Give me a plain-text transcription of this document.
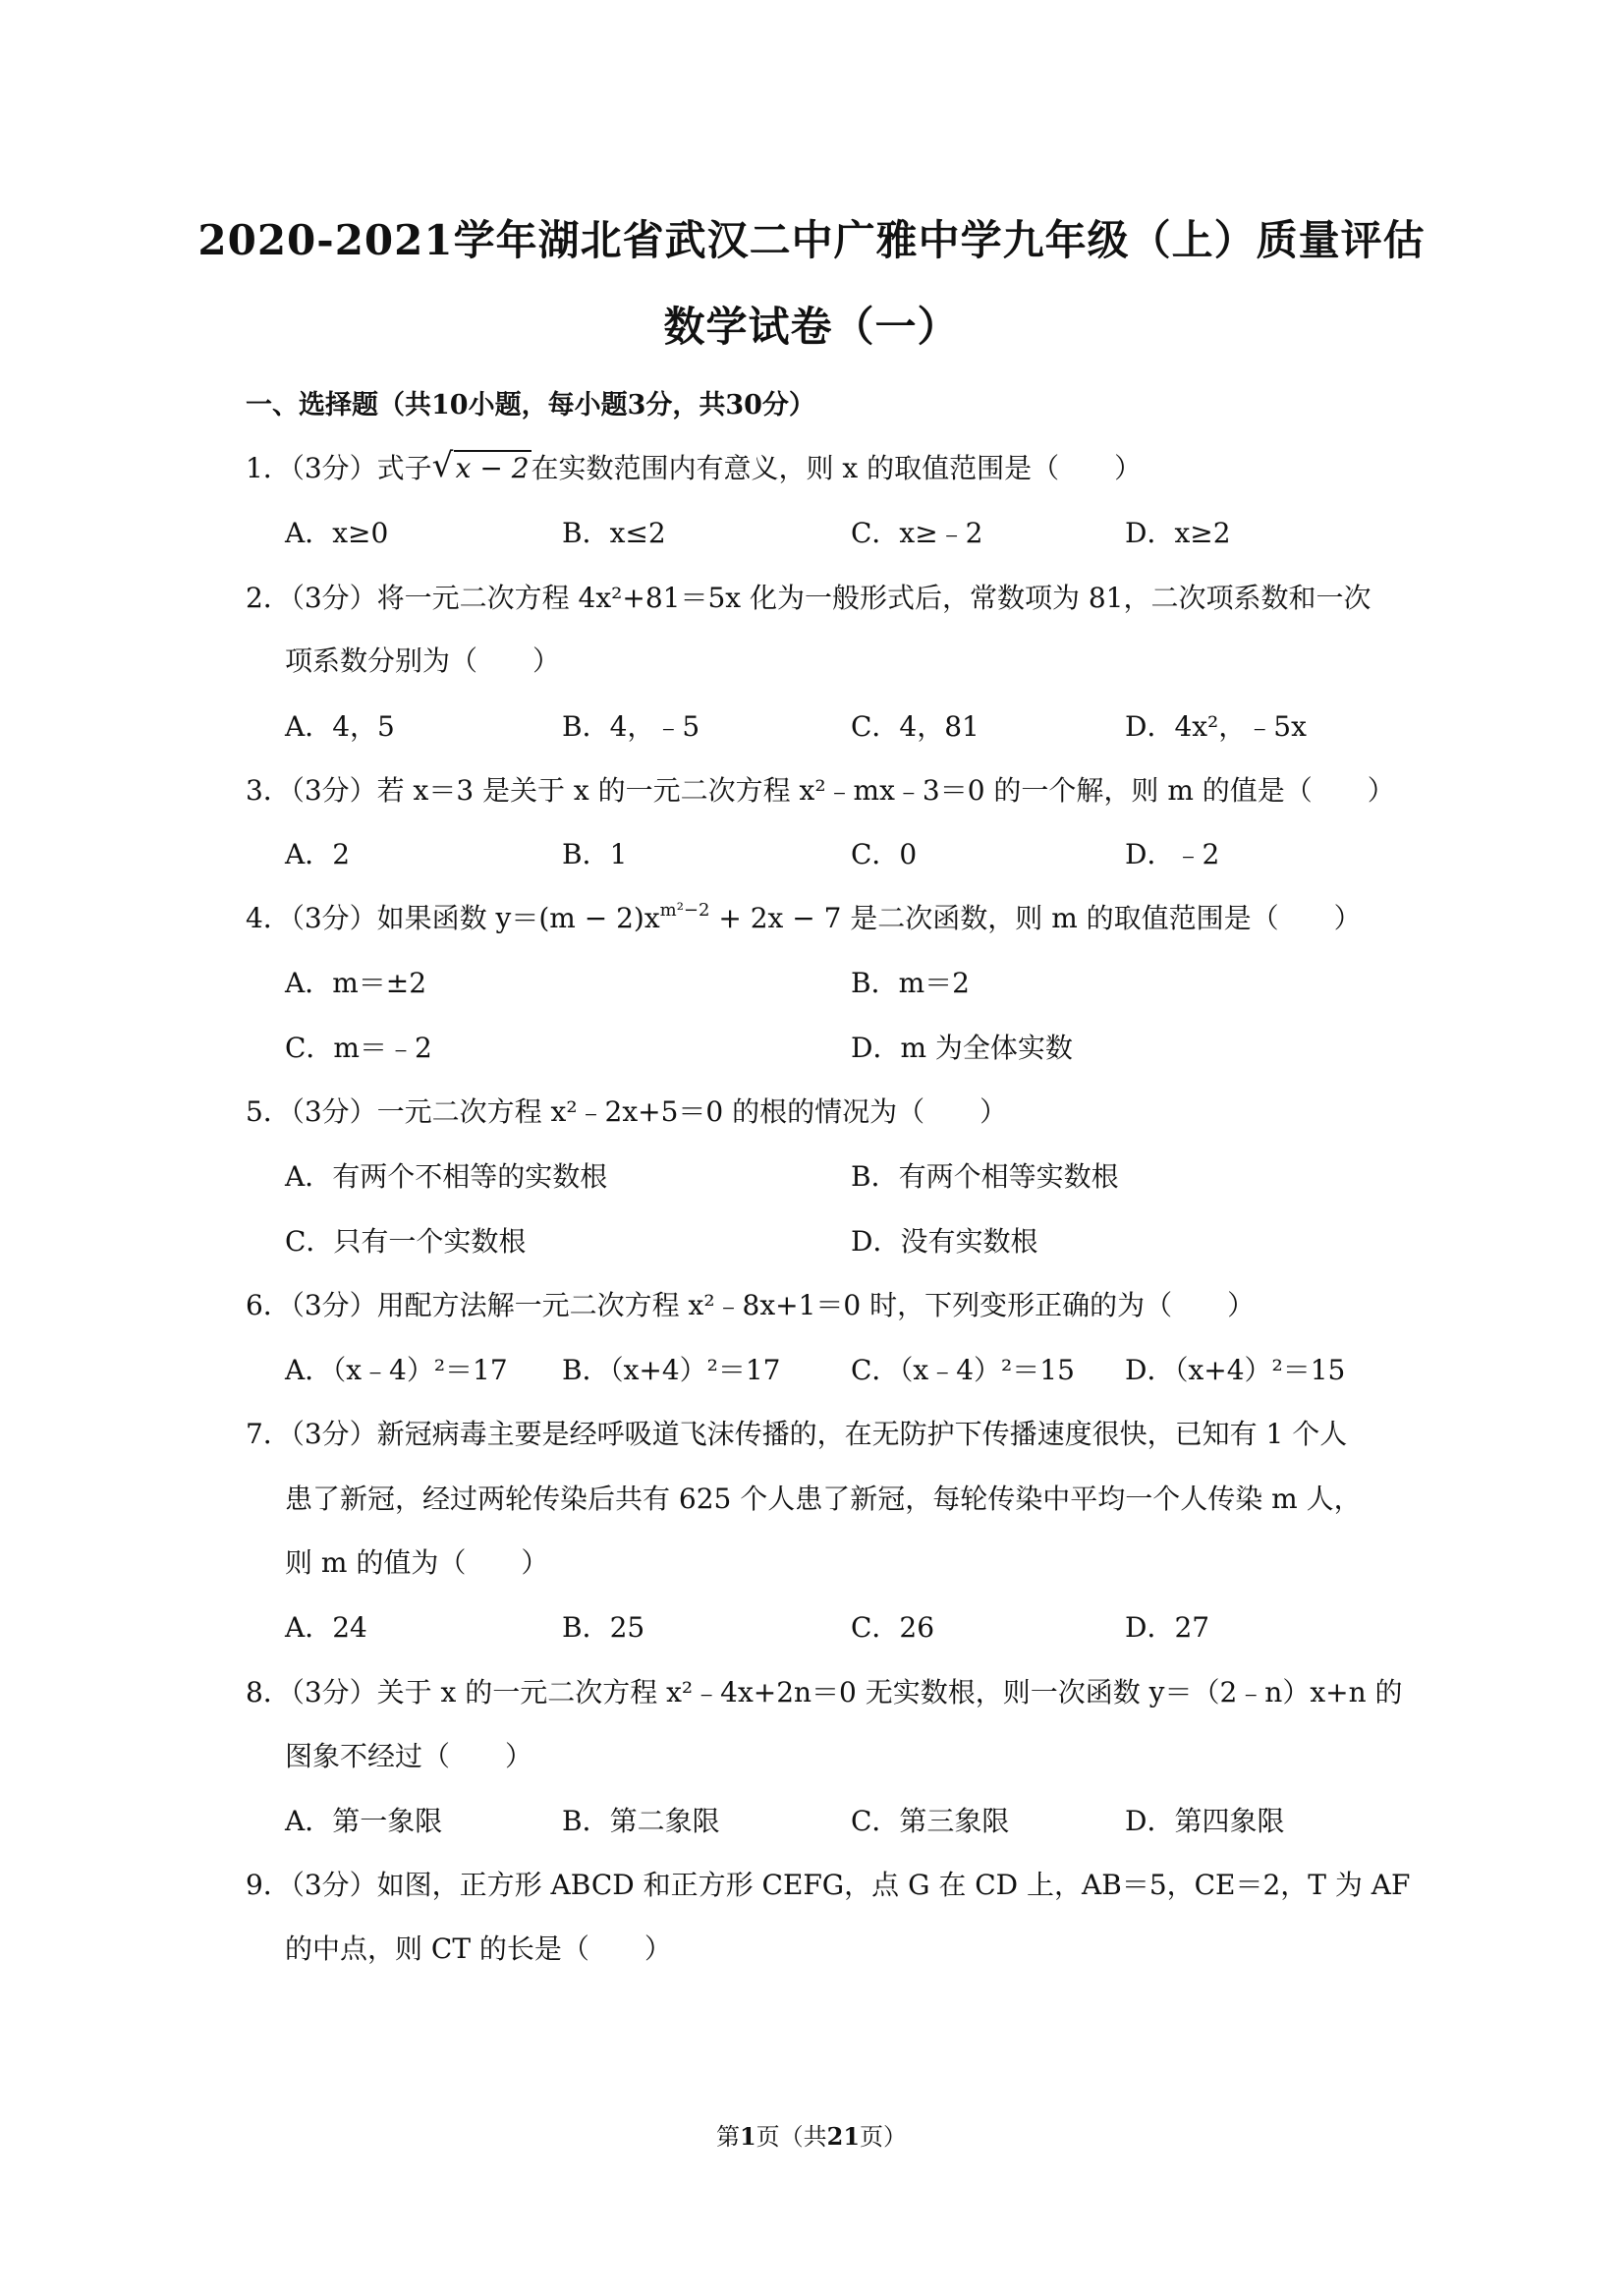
2020-2021学年湖北省武汉二中广雅中学九年级（上）质量评估
数学试卷（一）
一、选择题（共10小题，每小题3分，共30分）
1．（3分）式子 √ x − 2在实数范围内有意义，则 x 的取值范围是（　　）
A．x≥0	B．x≤2	C．x≥﹣2	D．x≥2
2．（3分）将一元二次方程 4x²+81＝5x 化为一般形式后，常数项为 81，二次项系数和一次
项系数分别为（　　）
A．4，5	B．4，﹣5	C．4，81	D．4x²，﹣5x
3．（3分）若 x＝3 是关于 x 的一元二次方程 x²﹣mx﹣3＝0 的一个解，则 m 的值是（　　）
A．2	B．1	C．0	D．﹣2
4．（3分）如果函数 $y=(m - 2)x^{m^2-2} + 2x - 7$ 是二次函数，则 m 的取值范围是（　　）
A．m＝±2	B．m＝2
C．m＝﹣2	D．m 为全体实数
5．（3分）一元二次方程 x²﹣2x+5＝0 的根的情况为（　　）
A．有两个不相等的实数根	B．有两个相等实数根
C．只有一个实数根	D．没有实数根
6．（3分）用配方法解一元二次方程 x²﹣8x+1＝0 时，下列变形正确的为（　　）
A．（x﹣4）²＝17 B．（x+4）²＝17	C．（x﹣4）²＝15 D．（x+4）²＝15
7．（3分）新冠病毒主要是经呼吸道飞沫传播的，在无防护下传播速度很快，已知有 1 个人
患了新冠，经过两轮传染后共有 625 个人患了新冠，每轮传染中平均一个人传染 m 人，
则 m 的值为（　　）
A．24	B．25	C．26	D．27
8．（3分）关于 x 的一元二次方程 x²﹣4x+2n＝0 无实数根，则一次函数 y＝（2﹣n）x+n 的
图象不经过（　　）
A．第一象限	B．第二象限	C．第三象限	D．第四象限
9．（3分）如图，正方形 ABCD 和正方形 CEFG，点 G 在 CD 上，AB＝5，CE＝2，T 为 AF
的中点，则 CT 的长是（　　）
第1页（共21页）
